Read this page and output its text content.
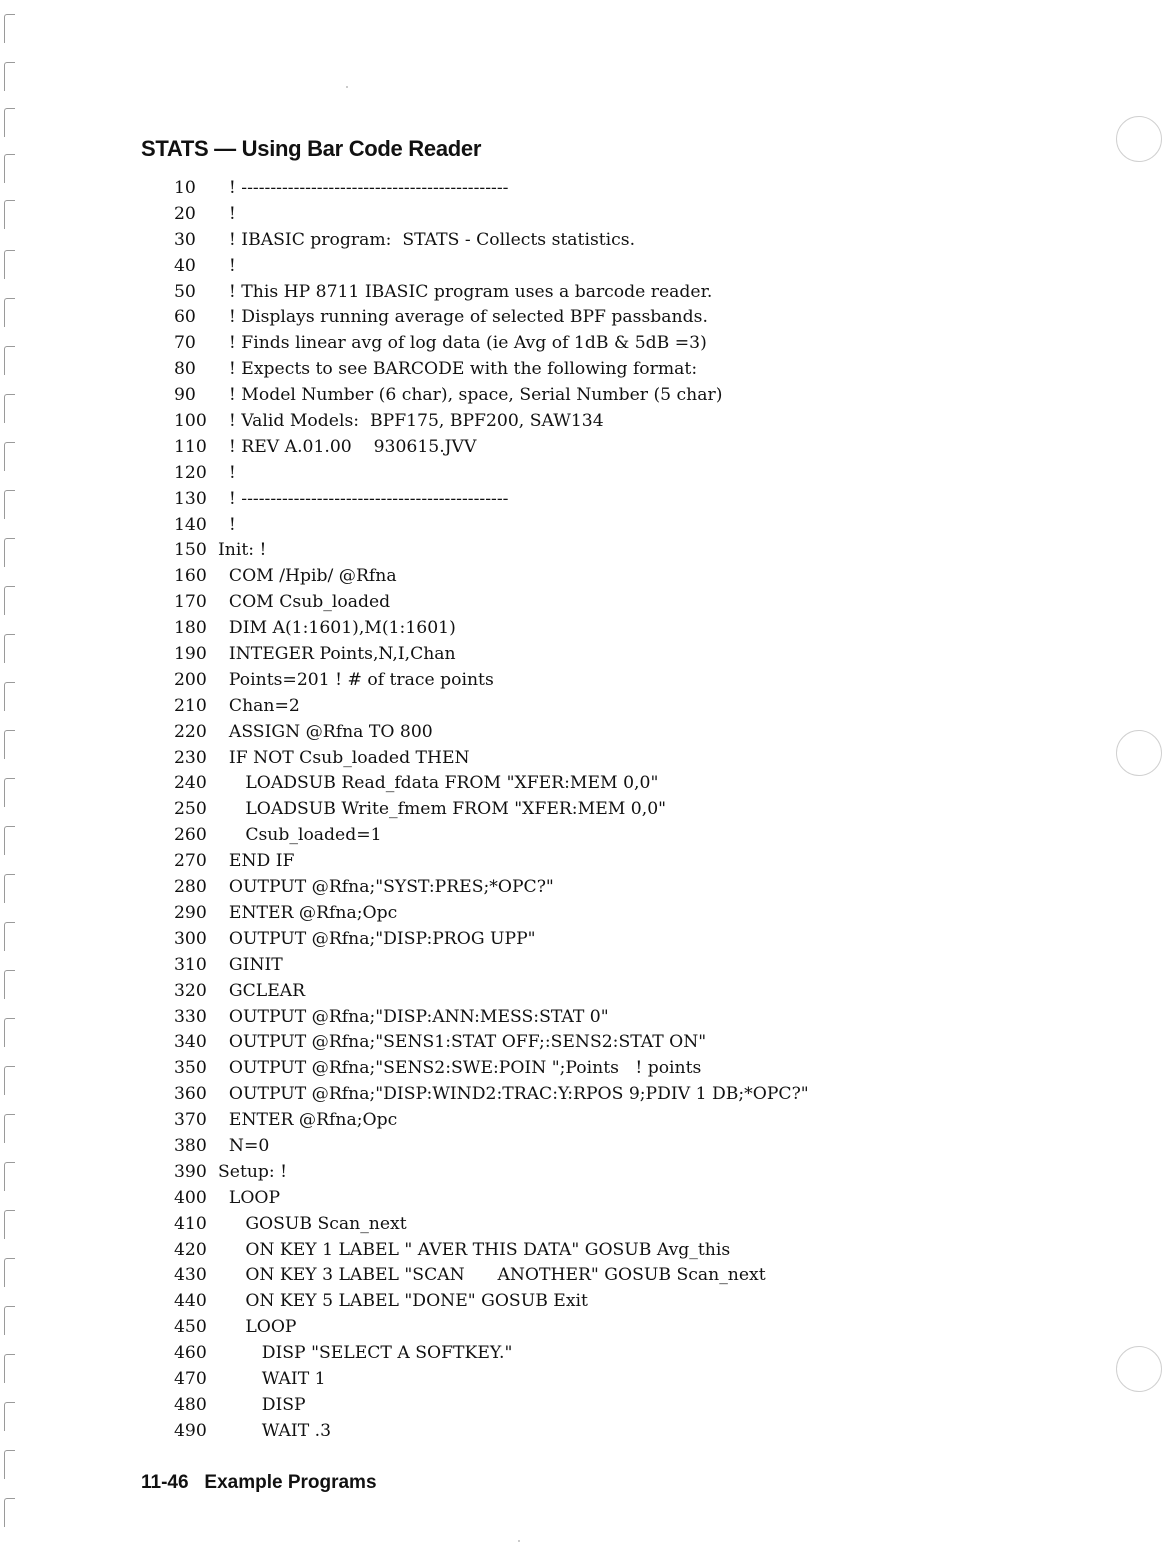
STATS — Using Bar Code Reader
10	! ----------------------------------------------
20	!
30	! IBASIC program:  STATS - Collects statistics.
40	!
50	! This HP 8711 IBASIC program uses a barcode reader.
60	! Displays running average of selected BPF passbands.
70	! Finds linear avg of log data (ie Avg of 1dB & 5dB =3)
80	! Expects to see BARCODE with the following format:
90	! Model Number (6 char), space, Serial Number (5 char)
100 ! Valid Models:  BPF175, BPF200, SAW134
110 ! REV A.01.00    930615.JVV
120 !
130 ! ----------------------------------------------
140 !
150 Init: !
160 COM /Hpib/ @Rfna
170 COM Csub_loaded
180 DIM A(1:1601),M(1:1601)
190 INTEGER Points,N,I,Chan
200 Points=201 ! # of trace points
210 Chan=2
220 ASSIGN @Rfna TO 800
230 IF NOT Csub_loaded THEN
240 LOADSUB Read_fdata FROM "XFER:MEM 0,0"
250 LOADSUB Write_fmem FROM "XFER:MEM 0,0"
260 Csub_loaded=1
270 END IF
280 OUTPUT @Rfna;"SYST:PRES;*OPC?"
290 ENTER @Rfna;Opc
300 OUTPUT @Rfna;"DISP:PROG UPP"
310 GINIT
320 GCLEAR
330 OUTPUT @Rfna;"DISP:ANN:MESS:STAT 0"
340 OUTPUT @Rfna;"SENS1:STAT OFF;:SENS2:STAT ON"
350 OUTPUT @Rfna;"SENS2:SWE:POIN ";Points   ! points
360 OUTPUT @Rfna;"DISP:WIND2:TRAC:Y:RPOS 9;PDIV 1 DB;*OPC?"
370 ENTER @Rfna;Opc
380 N=0
390 Setup: !
400 LOOP
410 GOSUB Scan_next
420 ON KEY 1 LABEL " AVER THIS DATA" GOSUB Avg_this
430 ON KEY 3 LABEL "SCAN      ANOTHER" GOSUB Scan_next
440 ON KEY 5 LABEL "DONE" GOSUB Exit
450 LOOP
460 DISP "SELECT A SOFTKEY."
470 WAIT 1
480 DISP
490 WAIT .3
11-46 Example Programs
